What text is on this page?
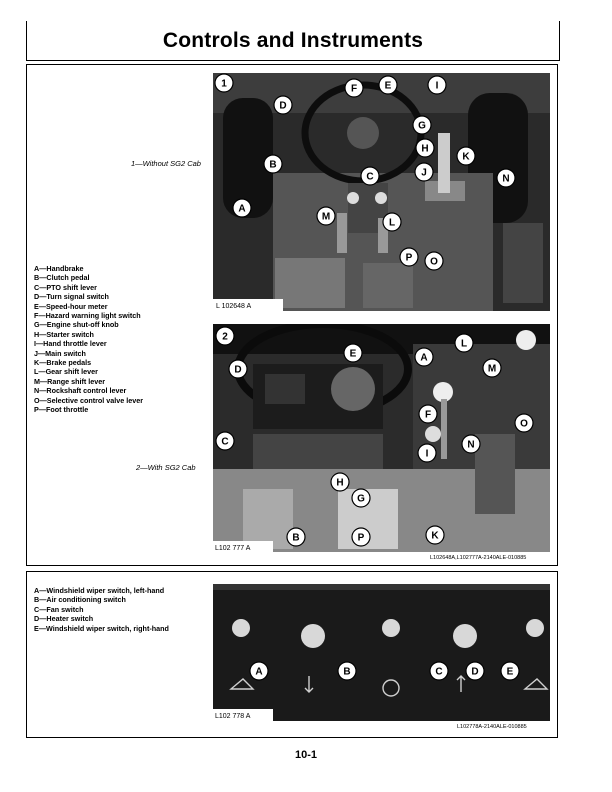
Controls and Instruments
1—Without SG2 Cab
2—With SG2 Cab
A—Handbrake
B—Clutch pedal
C—PTO shift lever
D—Turn signal switch
E—Speed-hour meter
F—Hazard warning light switch
G—Engine shut-off knob
H—Starter switch
I—Hand throttle lever
J—Main switch
K—Brake pedals
L—Gear shift lever
M—Range shift lever
N—Rockshaft control lever
O—Selective control valve lever
P—Foot throttle
L 102648 A
1
A
B
C
D
E
F
G
H
I
J
K
L
M
N
O
P
L102 777 A
2
A
B
C
D
E
F
G
H
I
K
L
M
N
O
P
L102648A,L102777A-2140ALE-010885
A—Windshield wiper switch, left-hand
B—Air conditioning switch
C—Fan switch
D—Heater switch
E—Windshield wiper switch, right-hand
L102 778 A
A	B	C	D	E
L102778A-2140ALE-010885
10-1
